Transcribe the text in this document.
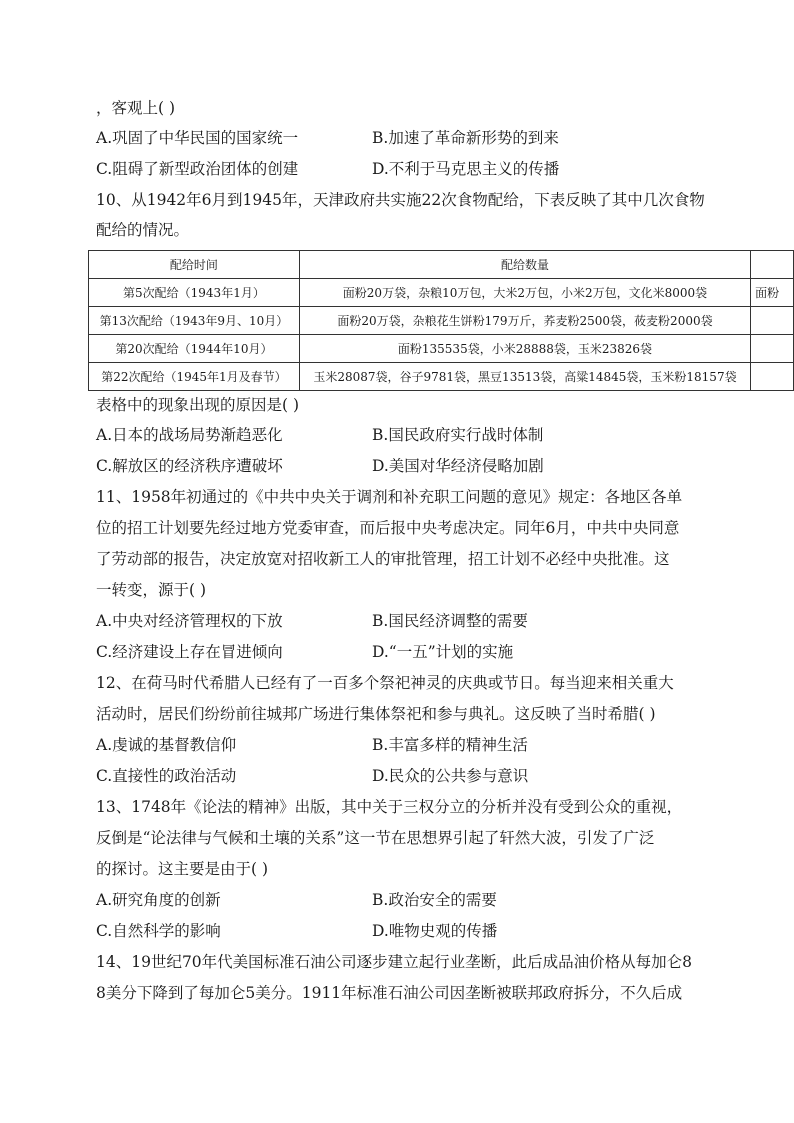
，客观上( )
A.巩固了中华民国的国家统一	B.加速了革命新形势的到来
C.阻碍了新型政治团体的创建	D.不利于马克思主义的传播
10、从1942年6月到1945年，天津政府共实施22次食物配给，下表反映了其中几次食物
配给的情况。
配给时间	配给数量	
第5次配给（1943年1月）	面粉20万袋，杂粮10万包，大米2万包，小米2万包，文化米8000袋	面粉
第13次配给（1943年9月、10月）	面粉20万袋，杂粮花生饼粉179万斤，荞麦粉2500袋，莜麦粉2000袋	
第20次配给（1944年10月）	面粉135535袋，小米28888袋，玉米23826袋	
第22次配给（1945年1月及春节）	玉米28087袋，谷子9781袋，黑豆13513袋，高粱14845袋，玉米粉18157袋	
表格中的现象出现的原因是( )
A.日本的战场局势渐趋恶化	B.国民政府实行战时体制
C.解放区的经济秩序遭破坏	D.美国对华经济侵略加剧
11、1958年初通过的《中共中央关于调剂和补充职工问题的意见》规定：各地区各单
位的招工计划要先经过地方党委审查，而后报中央考虑决定。同年6月，中共中央同意
了劳动部的报告，决定放宽对招收新工人的审批管理，招工计划不必经中央批准。这
一转变，源于( )
A.中央对经济管理权的下放	B.国民经济调整的需要
C.经济建设上存在冒进倾向	D.“一五”计划的实施
12、在荷马时代希腊人已经有了一百多个祭祀神灵的庆典或节日。每当迎来相关重大
活动时，居民们纷纷前往城邦广场进行集体祭祀和参与典礼。这反映了当时希腊( )
A.虔诚的基督教信仰	B.丰富多样的精神生活
C.直接性的政治活动	D.民众的公共参与意识
13、1748年《论法的精神》出版，其中关于三权分立的分析并没有受到公众的重视，
反倒是“论法律与气候和土壤的关系”这一节在思想界引起了轩然大波，引发了广泛
的探讨。这主要是由于( )
A.研究角度的创新	B.政治安全的需要
C.自然科学的影响	D.唯物史观的传播
14、19世纪70年代美国标准石油公司逐步建立起行业垄断，此后成品油价格从每加仑8
8美分下降到了每加仑5美分。1911年标准石油公司因垄断被联邦政府拆分，不久后成
